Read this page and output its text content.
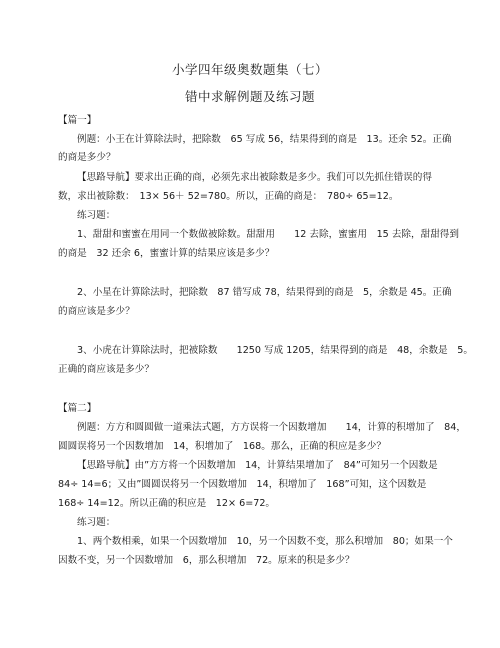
小学四年级奥数题集（七）
错中求解例题及练习题
【篇一】
例题：小王在计算除法时，把除数　65 写成 56，结果得到的商是　13。还余 52。正确
的商是多少？
【思路导航】要求出正确的商，必须先求出被除数是多少。我们可以先抓住错误的得
数，求出被除数：　13× 56＋ 52=780。所以，正确的商是：　780÷ 65=12。
练习题：
1、甜甜和蜜蜜在用同一个数做被除数。甜甜用　　12 去除，蜜蜜用　15 去除，甜甜得到
的商是　32 还余 6，蜜蜜计算的结果应该是多少？
2、小星在计算除法时，把除数　87 错写成 78，结果得到的商是　5，余数是 45。正确
的商应该是多少？
3、小虎在计算除法时，把被除数　　1250 写成 1205，结果得到的商是　48，余数是　5。
正确的商应该是多少？
【篇二】
例题：方方和圆圆做一道乘法式题，方方误将一个因数增加　　14，计算的积增加了　84，
圆圆误将另一个因数增加　14，积增加了　168。那么，正确的积应是多少？
【思路导航】由”方方将一个因数增加　14，计算结果增加了　84”可知另一个因数是
84÷ 14=6；又由”圆圆误将另一个因数增加　14，积增加了　168”可知，这个因数是
168÷ 14=12。所以正确的积应是　12× 6=72。
练习题：
1、两个数相乘，如果一个因数增加　10，另一个因数不变，那么积增加　80；如果一个
因数不变，另一个因数增加　6，那么积增加　72。原来的积是多少？
